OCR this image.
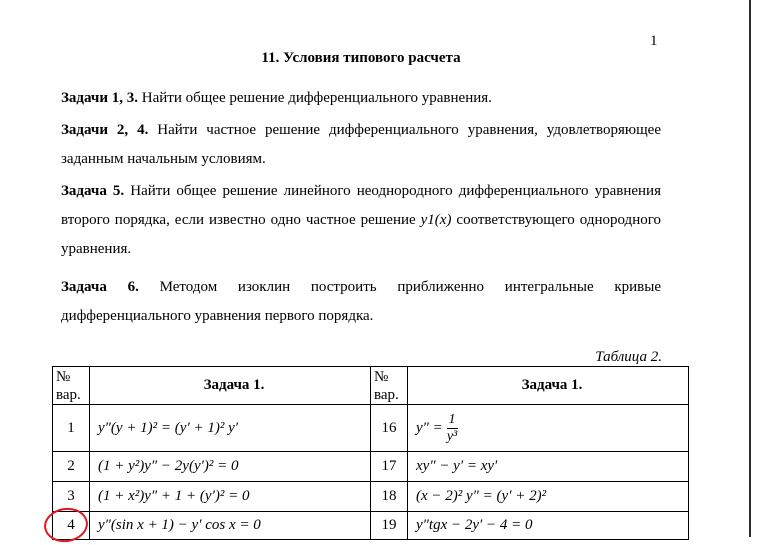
1
11. Условия типового расчета
Задачи 1, 3. Найти общее решение дифференциального уравнения.
Задачи 2, 4. Найти частное решение дифференциального уравнения, удовлетворяющее заданным начальным условиям.
Задача 5. Найти общее решение линейного неоднородного дифференциального уравнения второго порядка, если известно одно частное решение y1(x) соответствующего однородного уравнения.
Задача 6. Методом изоклин построить приближенно интегральные кривые дифференциального уравнения первого порядка.
Таблица 2.
№ вар.	Задача 1.	№ вар.	Задача 1.
1	y″(y + 1)² = (y′ + 1)² y′	16	$y'' = \frac{1}{\text{y³}}$

2	(1 + y²)y″ − 2y(y′)² = 0	17	xy″ − y′ = xy′
3	(1 + x²)y″ + 1 + (y′)² = 0	18	(x − 2)² y″ = (y′ + 2)²
4	y″(sin x + 1) − y′ cos x = 0	19	y″tgx − 2y′ − 4 = 0
